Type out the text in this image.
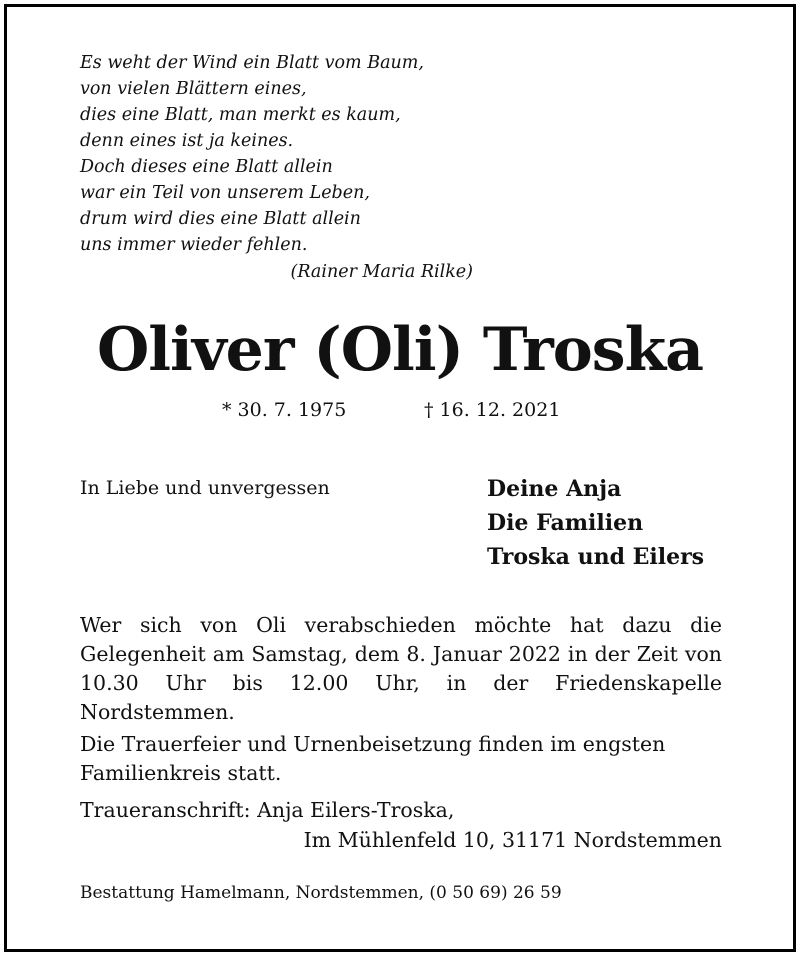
Es weht der Wind ein Blatt vom Baum,
von vielen Blättern eines,
dies eine Blatt, man merkt es kaum,
denn eines ist ja keines.
Doch dieses eine Blatt allein
war ein Teil von unserem Leben,
drum wird dies eine Blatt allein
uns immer wieder fehlen.
(Rainer Maria Rilke)
Oliver (Oli) Troska
* 30. 7. 1975	† 16. 12. 2021
In Liebe und unvergessen	Deine Anja
Die Familien
Troska und Eilers

Wer sich von Oli verabschieden möchte hat dazu die Gelegenheit am Samstag, dem 8. Januar 2022 in der Zeit von 10.30 Uhr bis 12.00 Uhr, in der Friedenskapelle Nordstemmen.

Die Trauerfeier und Urnenbeisetzung finden im engsten Familienkreis statt.

Traueranschrift: Anja Eilers-Troska,
Im Mühlenfeld 10, 31171 Nordstemmen
Bestattung Hamelmann, Nordstemmen, (0 50 69) 26 59
